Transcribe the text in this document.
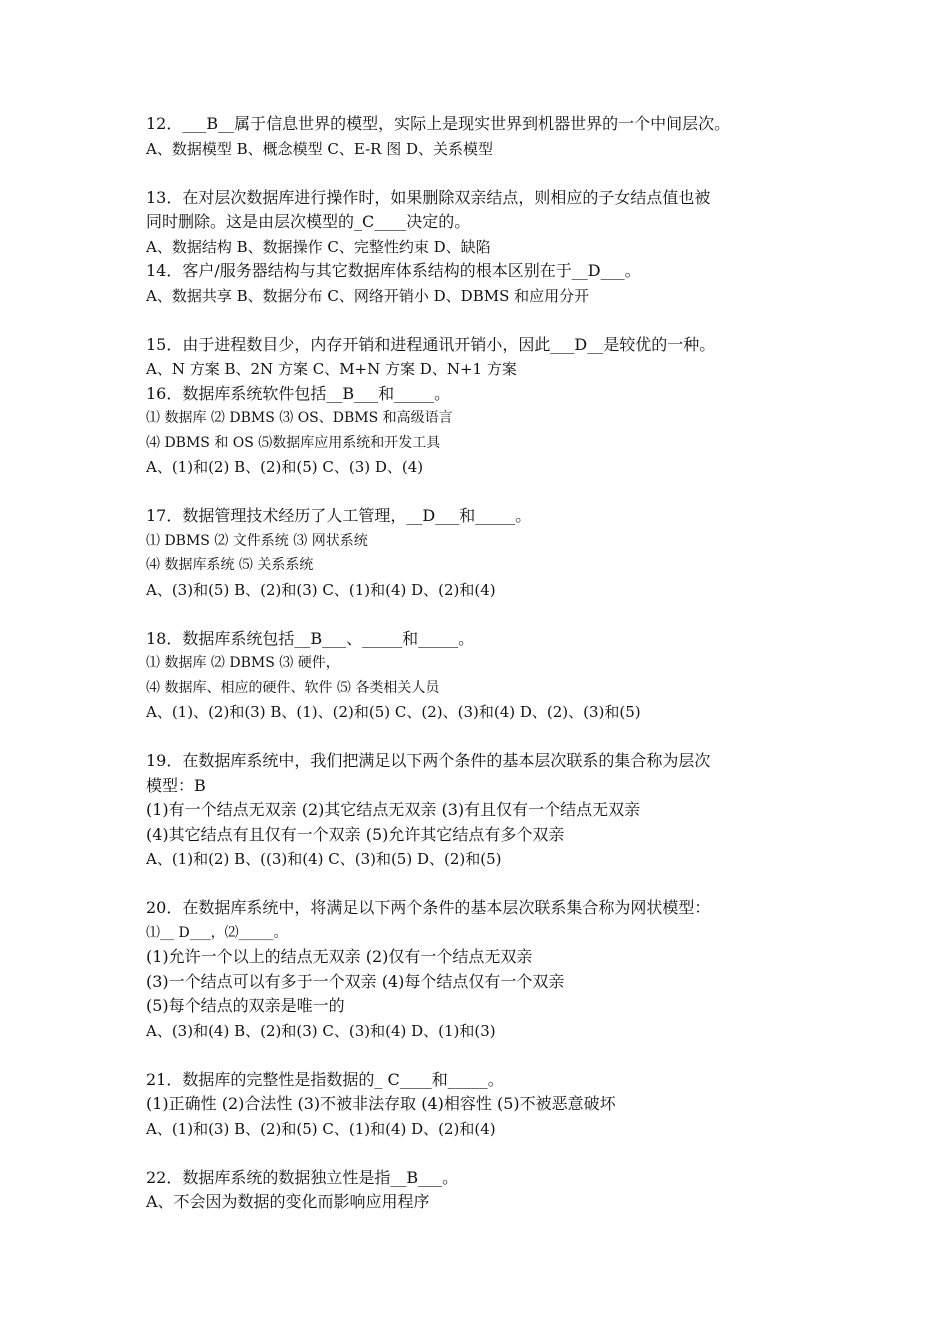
12．___B__属于信息世界的模型，实际上是现实世界到机器世界的一个中间层次。
A、数据模型 B、概念模型 C、E-R 图 D、关系模型
13．在对层次数据库进行操作时，如果删除双亲结点，则相应的子女结点值也被
同时删除。这是由层次模型的_C____决定的。
A、数据结构 B、数据操作 C、完整性约束 D、缺陷
14．客户/服务器结构与其它数据库体系结构的根本区别在于__D___。
A、数据共享 B、数据分布 C、网络开销小 D、DBMS 和应用分开
15．由于进程数目少，内存开销和进程通讯开销小，因此___D__是较优的一种。
A、N 方案 B、2N 方案 C、M+N 方案 D、N+1 方案
16．数据库系统软件包括__B___和_____。
⑴ 数据库 ⑵ DBMS ⑶ OS、DBMS 和高级语言
⑷ DBMS 和 OS ⑸数据库应用系统和开发工具
A、(1)和(2) B、(2)和(5) C、(3) D、(4)
17．数据管理技术经历了人工管理，__D___和_____。
⑴ DBMS ⑵ 文件系统 ⑶ 网状系统
⑷ 数据库系统 ⑸ 关系系统
A、(3)和(5) B、(2)和(3) C、(1)和(4) D、(2)和(4)
18．数据库系统包括__B___、_____和_____。
⑴ 数据库 ⑵ DBMS ⑶ 硬件，
⑷ 数据库、相应的硬件、软件 ⑸ 各类相关人员
A、(1)、(2)和(3) B、(1)、(2)和(5) C、(2)、(3)和(4) D、(2)、(3)和(5)
19．在数据库系统中，我们把满足以下两个条件的基本层次联系的集合称为层次
模型：B
(1)有一个结点无双亲 (2)其它结点无双亲 (3)有且仅有一个结点无双亲
(4)其它结点有且仅有一个双亲 (5)允许其它结点有多个双亲
A、(1)和(2) B、((3)和(4) C、(3)和(5) D、(2)和(5)
20．在数据库系统中，将满足以下两个条件的基本层次联系集合称为网状模型：
⑴__ D___，⑵_____。
(1)允许一个以上的结点无双亲 (2)仅有一个结点无双亲
(3)一个结点可以有多于一个双亲 (4)每个结点仅有一个双亲
(5)每个结点的双亲是唯一的
A、(3)和(4) B、(2)和(3) C、(3)和(4) D、(1)和(3)
21．数据库的完整性是指数据的_ C____和_____。
(1)正确性 (2)合法性 (3)不被非法存取 (4)相容性 (5)不被恶意破坏
A、(1)和(3) B、(2)和(5) C、(1)和(4) D、(2)和(4)
22．数据库系统的数据独立性是指__B___。
A、不会因为数据的变化而影响应用程序
